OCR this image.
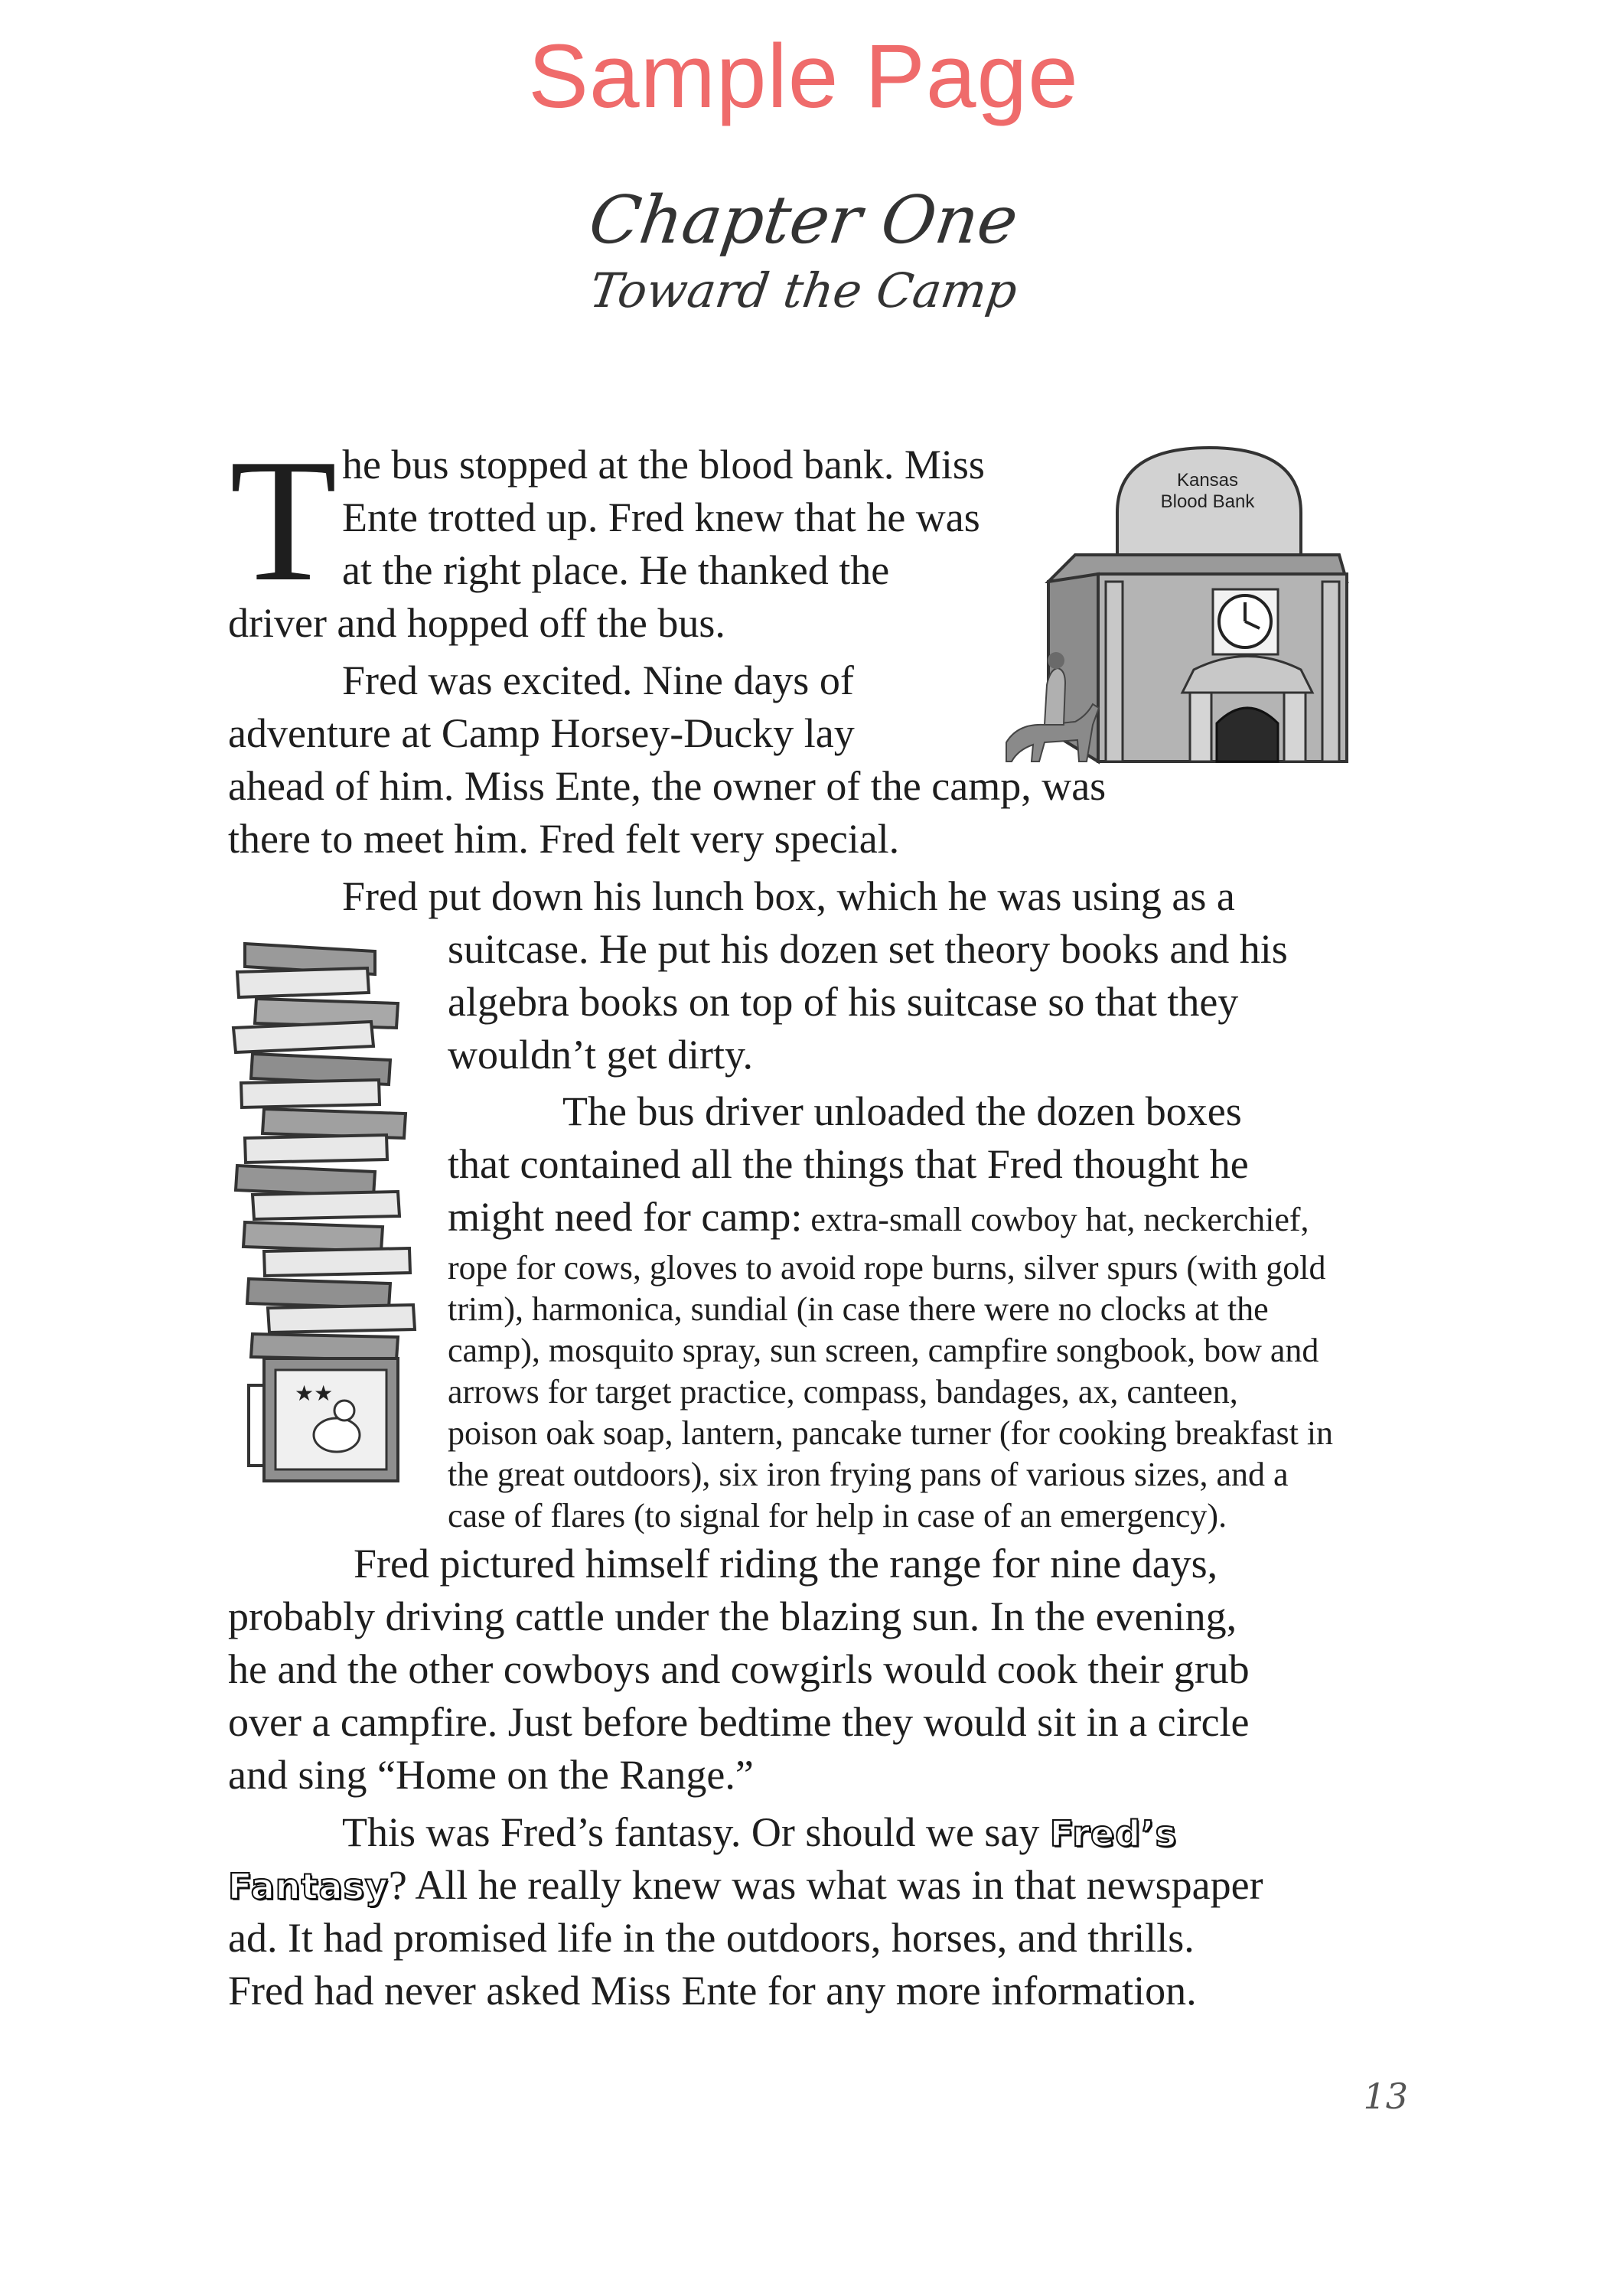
Sample Page
Chapter One
Toward the Camp
T he bus stopped at the blood bank. Miss

Ente trotted up. Fred knew that he was

at the right place. He thanked the

driver and hopped off the bus.

Fred was excited. Nine days of

adventure at Camp Horsey-Ducky lay

ahead of him. Miss Ente, the owner of the camp, was

there to meet him. Fred felt very special.

Fred put down his lunch box, which he was using as a

suitcase. He put his dozen set theory books and his

algebra books on top of his suitcase so that they

wouldn’t get dirty.

The bus driver unloaded the dozen boxes

that contained all the things that Fred thought he

might need for camp: extra-small cowboy hat, neckerchief,

rope for cows, gloves to avoid rope burns, silver spurs (with gold

trim), harmonica, sundial (in case there were no clocks at the

camp), mosquito spray, sun screen, campfire songbook, bow and

arrows for target practice, compass, bandages, ax, canteen,

poison oak soap, lantern, pancake turner (for cooking breakfast in

the great outdoors), six iron frying pans of various sizes, and a

case of flares (to signal for help in case of an emergency).

Fred pictured himself riding the range for nine days,

probably driving cattle under the blazing sun. In the evening,

he and the other cowboys and cowgirls would cook their grub

over a campfire. Just before bedtime they would sit in a circle

and sing “Home on the Range.”

This was Fred’s fantasy. Or should we say Fred’s

Fantasy? All he really knew was what was in that newspaper

ad. It had promised life in the outdoors, horses, and thrills.

Fred had never asked Miss Ente for any more information.

Kansas
Blood Bank
★★
13
